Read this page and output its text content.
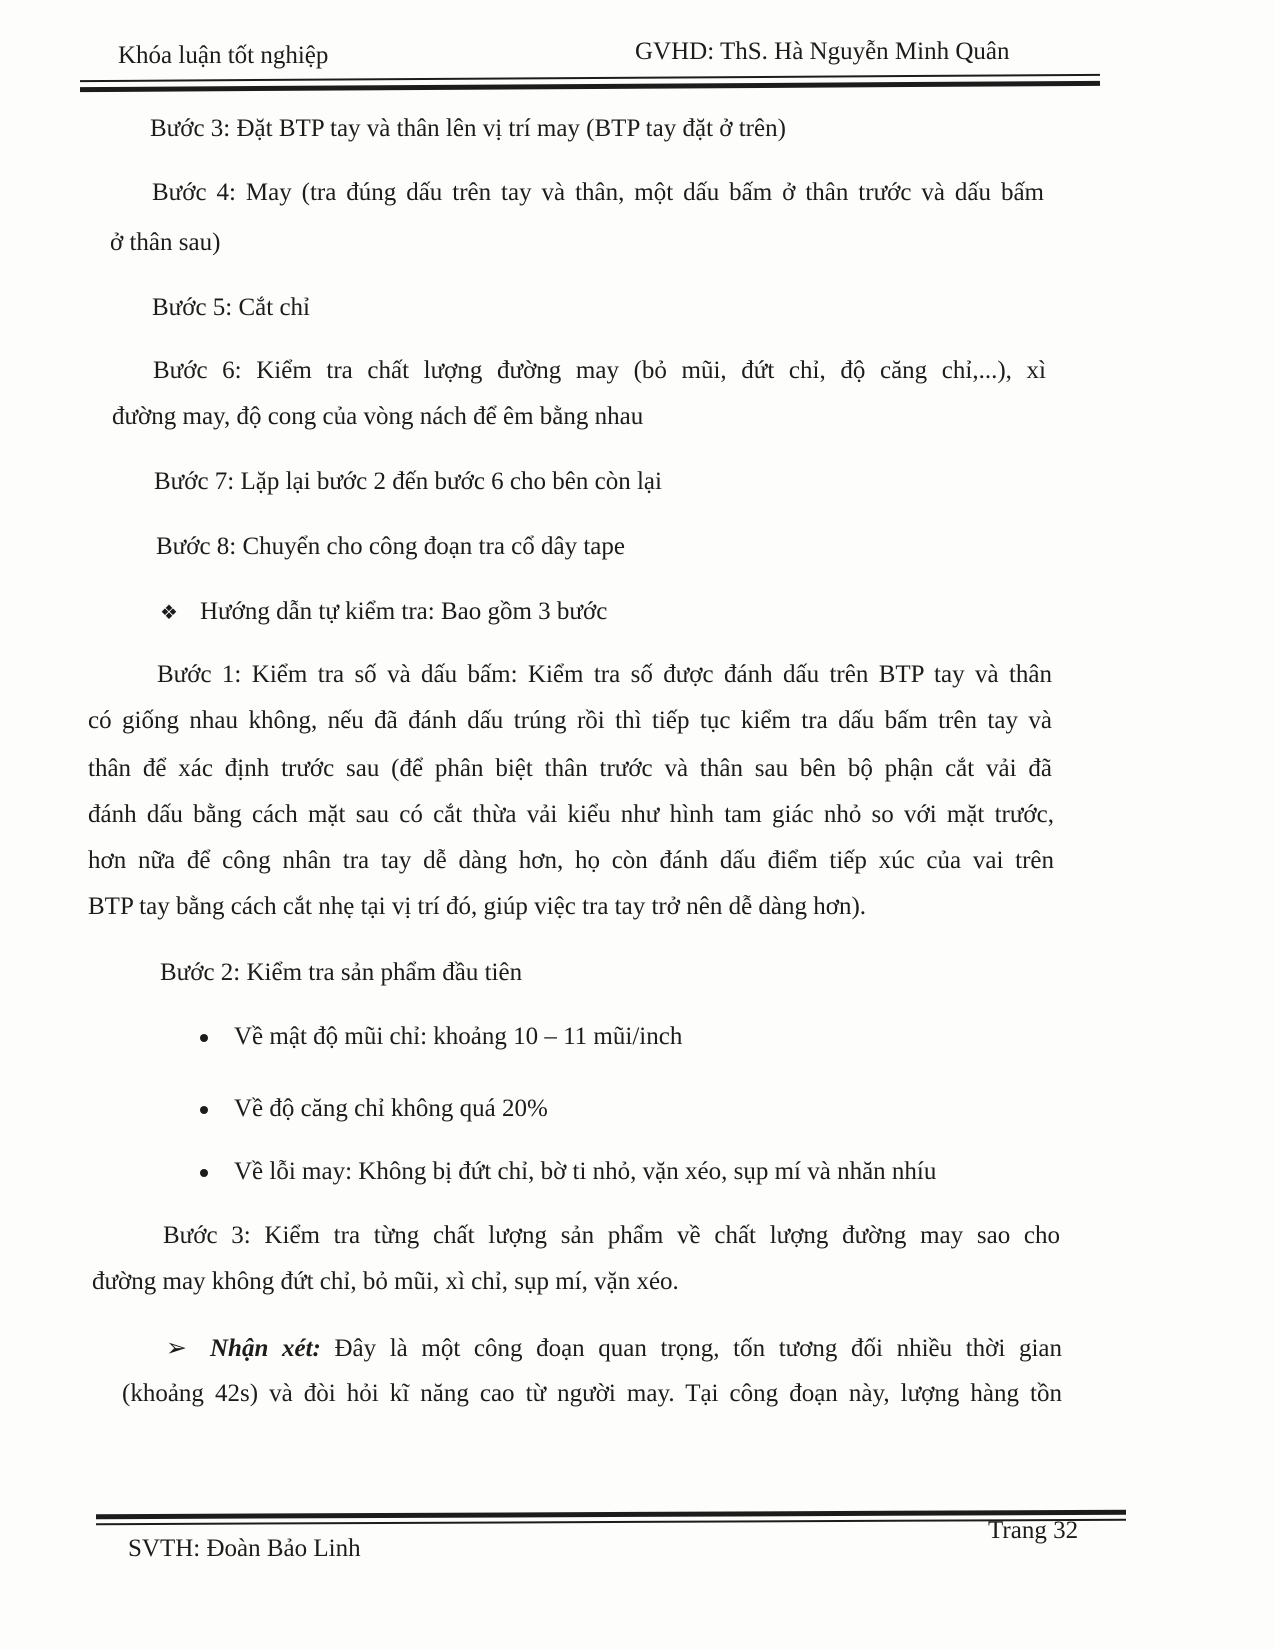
Khóa luận tốt nghiệp	GVHD: ThS. Hà Nguyễn Minh Quân
Bước 3: Đặt BTP tay và thân lên vị trí may (BTP tay đặt ở trên)
Bước 4: May (tra đúng dấu trên tay và thân, một dấu bấm ở thân trước và dấu bấm
ở thân sau)
Bước 5: Cắt chỉ
Bước 6: Kiểm tra chất lượng đường may (bỏ mũi, đứt chỉ, độ căng chỉ,...), xì
đường may, độ cong của vòng nách để êm bằng nhau
Bước 7: Lặp lại bước 2 đến bước 6 cho bên còn lại
Bước 8: Chuyển cho công đoạn tra cổ dây tape
❖ Hướng dẫn tự kiểm tra: Bao gồm 3 bước
Bước 1: Kiểm tra số và dấu bấm: Kiểm tra số được đánh dấu trên BTP tay và thân
có giống nhau không, nếu đã đánh dấu trúng rồi thì tiếp tục kiểm tra dấu bấm trên tay và
thân để xác định trước sau (để phân biệt thân trước và thân sau bên bộ phận cắt vải đã
đánh dấu bằng cách mặt sau có cắt thừa vải kiểu như hình tam giác nhỏ so với mặt trước,
hơn nữa để công nhân tra tay dễ dàng hơn, họ còn đánh dấu điểm tiếp xúc của vai trên
BTP tay bằng cách cắt nhẹ tại vị trí đó, giúp việc tra tay trở nên dễ dàng hơn).
Bước 2: Kiểm tra sản phẩm đầu tiên
Về mật độ mũi chỉ: khoảng 10 – 11 mũi/inch
Về độ căng chỉ không quá 20%
Về lỗi may: Không bị đứt chỉ, bờ ti nhỏ, vặn xéo, sụp mí và nhăn nhíu
Bước 3: Kiểm tra từng chất lượng sản phẩm về chất lượng đường may sao cho
đường may không đứt chỉ, bỏ mũi, xì chỉ, sụp mí, vặn xéo.
➢ Nhận xét: Đây là một công đoạn quan trọng, tốn tương đối nhiều thời gian
(khoảng 42s) và đòi hỏi kĩ năng cao từ người may. Tại công đoạn này, lượng hàng tồn
Trang 32
SVTH: Đoàn Bảo Linh
